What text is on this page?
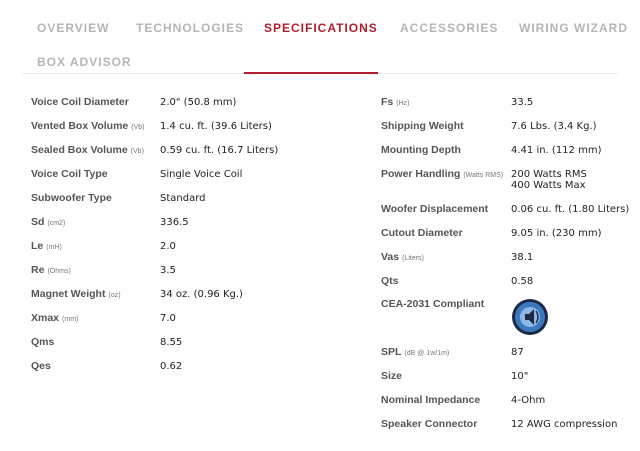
OVERVIEW TECHNOLOGIES SPECIFICATIONS ACCESSORIES WIRING WIZARD
BOX ADVISOR
Voice Coil Diameter	2.0" (50.8 mm)
Vented Box Volume (Vb) 1.4 cu. ft. (39.6 Liters)
Sealed Box Volume (Vb) 0.59 cu. ft. (16.7 Liters)
Voice Coil Type	Single Voice Coil
Subwoofer Type	Standard
Sd (cm2)	336.5
Le (mH)	2.0
Re (Ohms)	3.5
Magnet Weight (oz)	34 oz. (0.96 Kg.)
Xmax (mm)	7.0
Qms	8.55
Qes	0.62
Fs (Hz)	33.5
Shipping Weight	7.6 Lbs. (3.4 Kg.)
Mounting Depth	4.41 in. (112 mm)
Power Handling (Watts RMS) 200 Watts RMS
400 Watts Max
Woofer Displacement 0.06 cu. ft. (1.80 Liters)
Cutout Diameter	9.05 in. (230 mm)
Vas (Liters)	38.1
Qts	0.58
CEA-2031 Compliant
SPL (dB @ 1w/1m)	87
Size	10"
Nominal Impedance	4-Ohm
Speaker Connector	12 AWG compression
